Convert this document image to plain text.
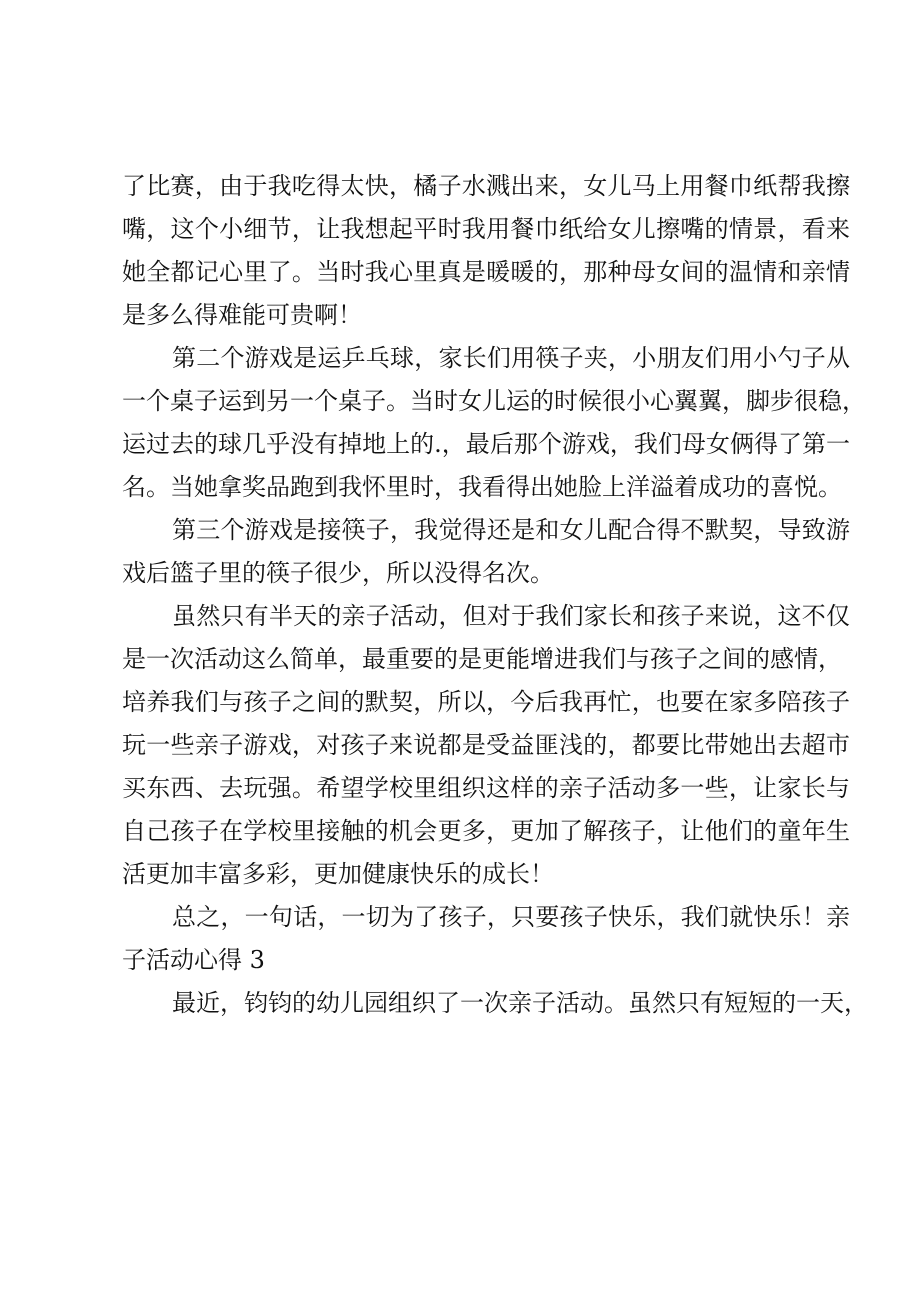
了比赛，由于我吃得太快，橘子水溅出来，女儿马上用餐巾纸帮我擦
嘴，这个小细节，让我想起平时我用餐巾纸给女儿擦嘴的情景，看来
她全都记心里了。当时我心里真是暖暖的，那种母女间的温情和亲情
是多么得难能可贵啊！
第二个游戏是运乒乓球，家长们用筷子夹，小朋友们用小勺子从
一个桌子运到另一个桌子。当时女儿运的时候很小心翼翼，脚步很稳，
运过去的球几乎没有掉地上的.，最后那个游戏，我们母女俩得了第一
名。当她拿奖品跑到我怀里时，我看得出她脸上洋溢着成功的喜悦。
第三个游戏是接筷子，我觉得还是和女儿配合得不默契，导致游
戏后篮子里的筷子很少，所以没得名次。
虽然只有半天的亲子活动，但对于我们家长和孩子来说，这不仅
是一次活动这么简单，最重要的是更能增进我们与孩子之间的感情，
培养我们与孩子之间的默契，所以，今后我再忙，也要在家多陪孩子
玩一些亲子游戏，对孩子来说都是受益匪浅的，都要比带她出去超市
买东西、去玩强。希望学校里组织这样的亲子活动多一些，让家长与
自己孩子在学校里接触的机会更多，更加了解孩子，让他们的童年生
活更加丰富多彩，更加健康快乐的成长！
总之，一句话，一切为了孩子，只要孩子快乐，我们就快乐！亲
子活动心得 3
最近，钧钧的幼儿园组织了一次亲子活动。虽然只有短短的一天，
